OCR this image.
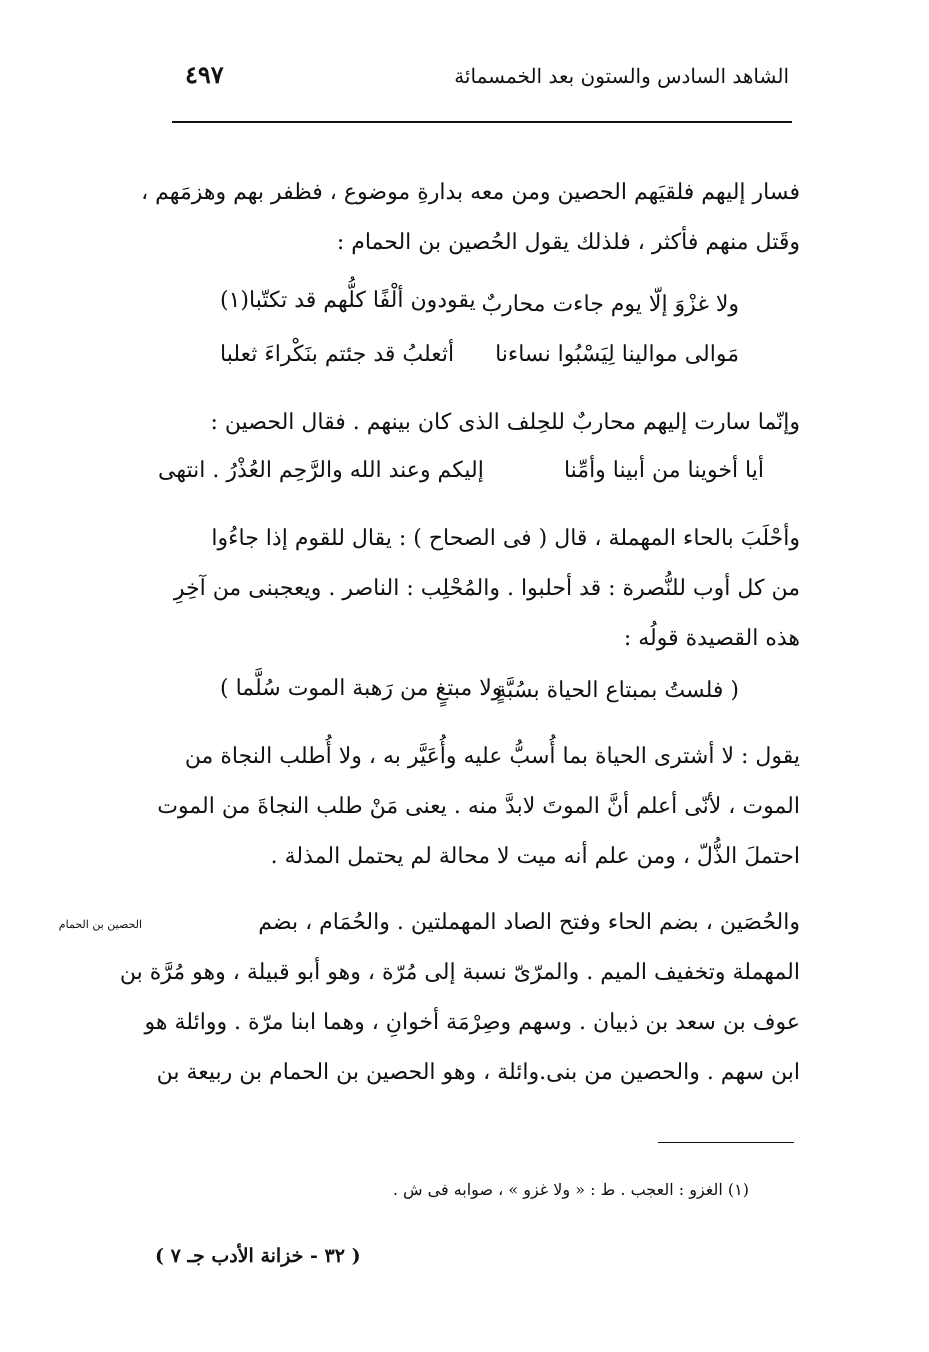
الشاهد السادس والستون بعد الخمسمائة
٤٩٧
فسار إليهم فلقيَهم الحصين ومن معه بدارةِ موضوع ، فظفر بهم وهزمَهم ،
وقَتل منهم فأكثر ، فلذلك يقول الحُصين بن الحمام :
ولا غزْوَ إلّا يوم جاءت محاربٌ
يقودون ألْفًا كلُّهم قد تكتّبا(١)
مَوالى موالينا لِيَسْبُوا نساءنا
أثعلبُ قد جئتم بنَكْراءَ ثعلبا
وإنّما سارت إليهم محاربٌ للحِلف الذى كان بينهم . فقال الحصين :
أيا أخوينا من أبينا وأمِّنا
إليكم وعند الله والرَّحِم العُذْرُ . انتهى
وأحْلَبَ بالحاء المهملة ، قال ( فى الصحاح ) : يقال للقوم إذا جاءُوا
من كل أوب للنُّصرة : قد أحلبوا . والمُحْلِب : الناصر . ويعجبنى من آخِرِ
هذه القصيدة قولُه :
( فلستُ بمبتاع الحياة بسُبَّةٍ
ولا مبتغٍ من رَهبة الموت سُلَّما )
يقول : لا أشترى الحياة بما أُسبُّ عليه وأُعَيَّر به ، ولا أُطلب النجاة من
الموت ، لأنّى أعلم أنَّ الموتَ لابدَّ منه . يعنى مَنْ طلب النجاةَ من الموت
احتملَ الذُّلّ ، ومن علم أنه ميت لا محالة لم يحتمل المذلة .
والحُصَين ، بضم الحاء وفتح الصاد المهملتين . والحُمَام ، بضم
الحصين بن الحمام
المهملة وتخفيف الميم . والمرّىّ نسبة إلى مُرّة ، وهو أبو قبيلة ، وهو مُرَّة بن
عوف بن سعد بن ذبيان . وسهم وصِرْمَة أخوانِ ، وهما ابنا مرّة . ووائلة هو
ابن سهم . والحصين من بنى.وائلة ، وهو الحصين بن الحمام بن ربيعة بن
(١) الغزو : العجب . ط : « ولا غزو » ، صوابه فى ش .
( ٣٢ - خزانة الأدب جـ ٧ )
